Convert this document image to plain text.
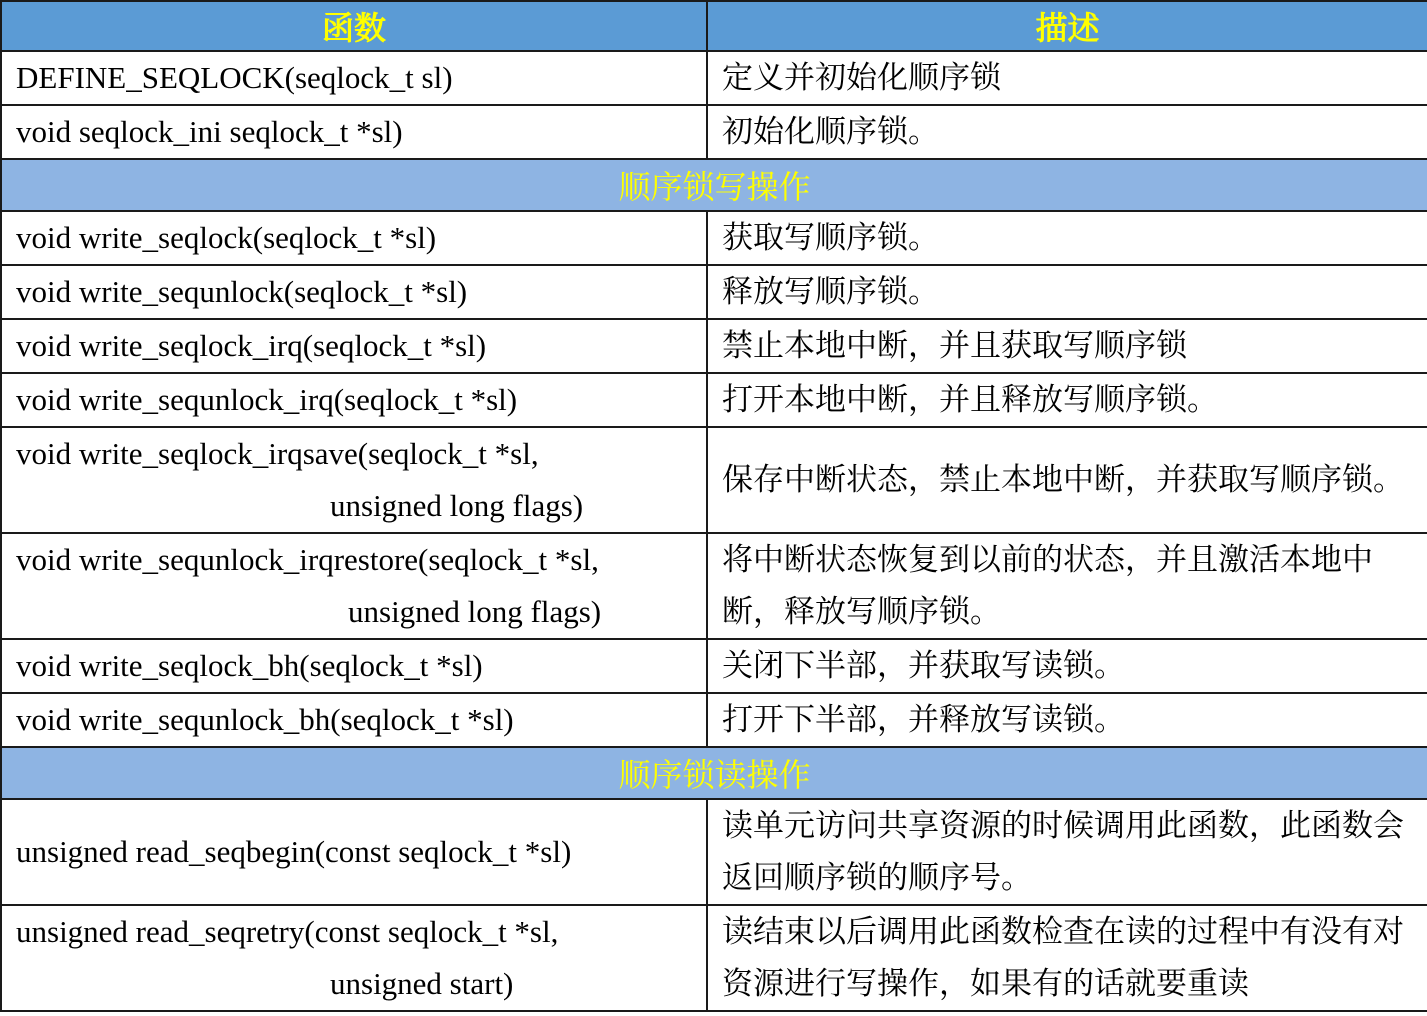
函数	描述
DEFINE_SEQLOCK(seqlock_t sl)	定义并初始化顺序锁
void seqlock_ini seqlock_t *sl)	初始化顺序锁。
顺序锁写操作	
void write_seqlock(seqlock_t *sl)	获取写顺序锁。
void write_sequnlock(seqlock_t *sl)	释放写顺序锁。
void write_seqlock_irq(seqlock_t *sl)	禁止本地中断，并且获取写顺序锁
void write_sequnlock_irq(seqlock_t *sl)	打开本地中断，并且释放写顺序锁。

void write_seqlock_irqsave(seqlock_t *sl,
unsigned long flags)	保存中断状态，禁止本地中断，并获取写顺序锁。

void write_sequnlock_irqrestore(seqlock_t *sl,
unsigned long flags)	将中断状态恢复到以前的状态，并且激活本地中断，释放写顺序锁。
void write_seqlock_bh(seqlock_t *sl)	关闭下半部，并获取写读锁。
void write_sequnlock_bh(seqlock_t *sl)	打开下半部，并释放写读锁。
顺序锁读操作	
unsigned read_seqbegin(const seqlock_t *sl)	读单元访问共享资源的时候调用此函数，此函数会返回顺序锁的顺序号。

unsigned read_seqretry(const seqlock_t *sl,
unsigned start)	读结束以后调用此函数检查在读的过程中有没有对资源进行写操作，如果有的话就要重读
